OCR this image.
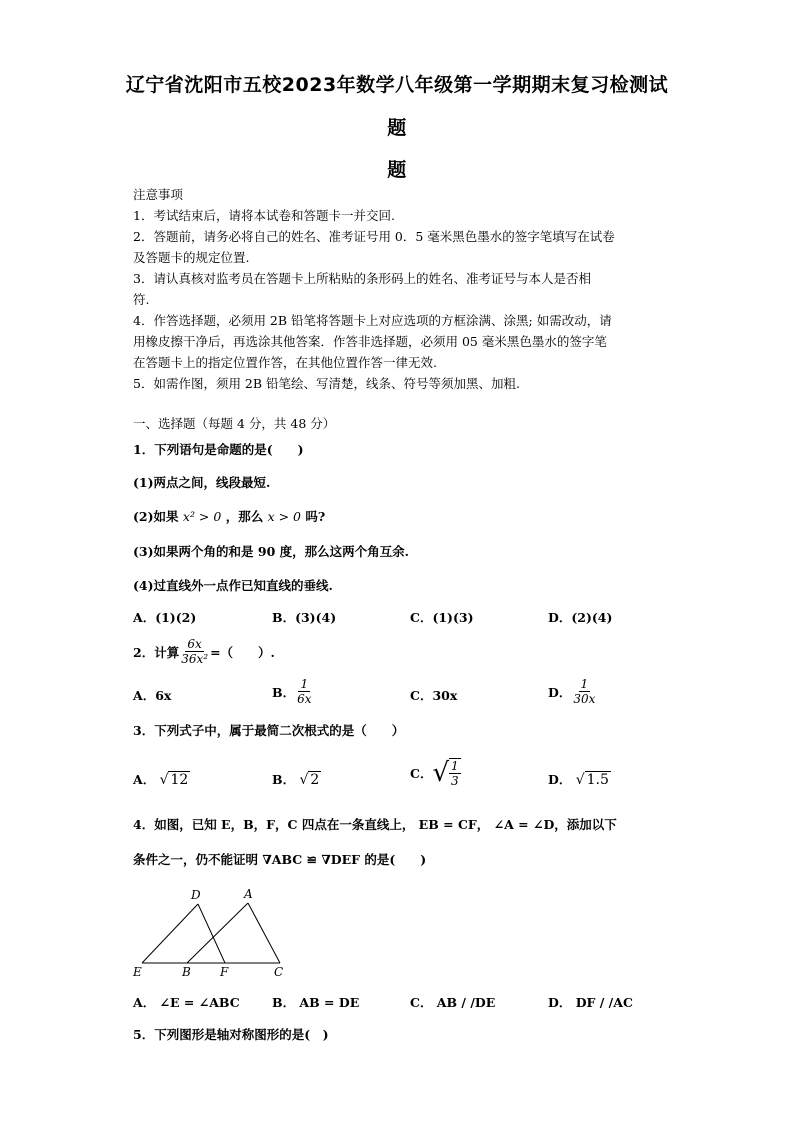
辽宁省沈阳市五校2023年数学八年级第一学期期末复习检测试
题
题
注意事项
1．考试结束后，请将本试卷和答题卡一并交回.
2．答题前，请务必将自己的姓名、准考证号用 0．5 毫米黑色墨水的签字笔填写在试卷
及答题卡的规定位置.
3．请认真核对监考员在答题卡上所粘贴的条形码上的姓名、准考证号与本人是否相
符.
4．作答选择题，必须用 2B 铅笔将答题卡上对应选项的方框涂满、涂黑; 如需改动，请
用橡皮擦干净后，再选涂其他答案．作答非选择题，必须用 05 毫米黑色墨水的签字笔
在答题卡上的指定位置作答，在其他位置作答一律无效.
5．如需作图，须用 2B 铅笔绘、写清楚，线条、符号等须加黑、加粗.
一、选择题（每题 4 分，共 48 分）
1．下列语句是命题的是(　　)
(1)两点之间，线段最短.
(2)如果 x² > 0 ，那么 x > 0 吗?
(3)如果两个角的和是 90 度，那么这两个角互余.
(4)过直线外一点作已知直线的垂线.
A．(1)(2)	B．(3)(4)	C．(1)(3)	D．(2)(4)
2．计算 $\frac{6x}{\text{36x²}}$ =（　　）.
A．6x	B． $\frac{1}{6x}$	C．30x	D． $\frac{1}{30x}$
3．下列式子中，属于最简二次根式的是（　　）
A． √ 12	B． √ 2	C． √ $\frac{1}{3}$	D． √ 1.5
4．如图，已知 E，B，F，C 四点在一条直线上， EB = CF， ∠A = ∠D，添加以下
条件之一，仍不能证明 ∇ABC ≌ ∇DEF 的是(　　)
D	A
E	B F	C
A． ∠E = ∠ABC	B． AB = DE	C． AB / /DE	D． DF / /AC
5．下列图形是轴对称图形的是(　)
